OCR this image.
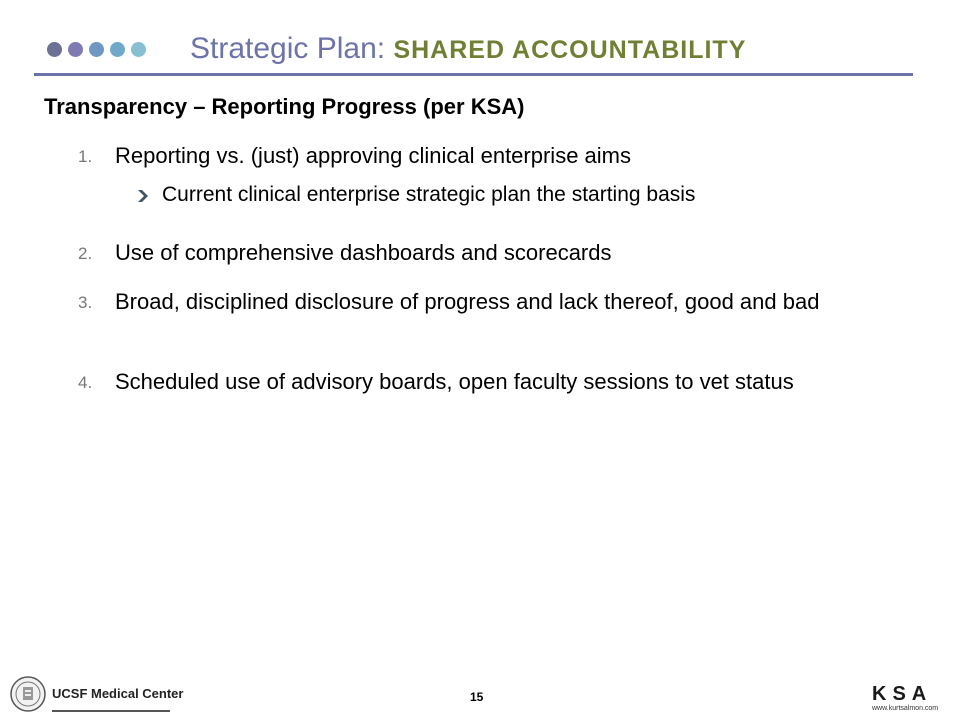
Strategic Plan: SHARED ACCOUNTABILITY
Transparency – Reporting Progress (per KSA)
1. Reporting vs. (just) approving clinical enterprise aims
Current clinical enterprise strategic plan the starting basis
2. Use of comprehensive dashboards and scorecards
3. Broad, disciplined disclosure of progress and lack thereof, good and bad
4. Scheduled use of advisory boards, open faculty sessions to vet status
UCSF Medical Center	15	KSA
www.kurtsalmon.com
